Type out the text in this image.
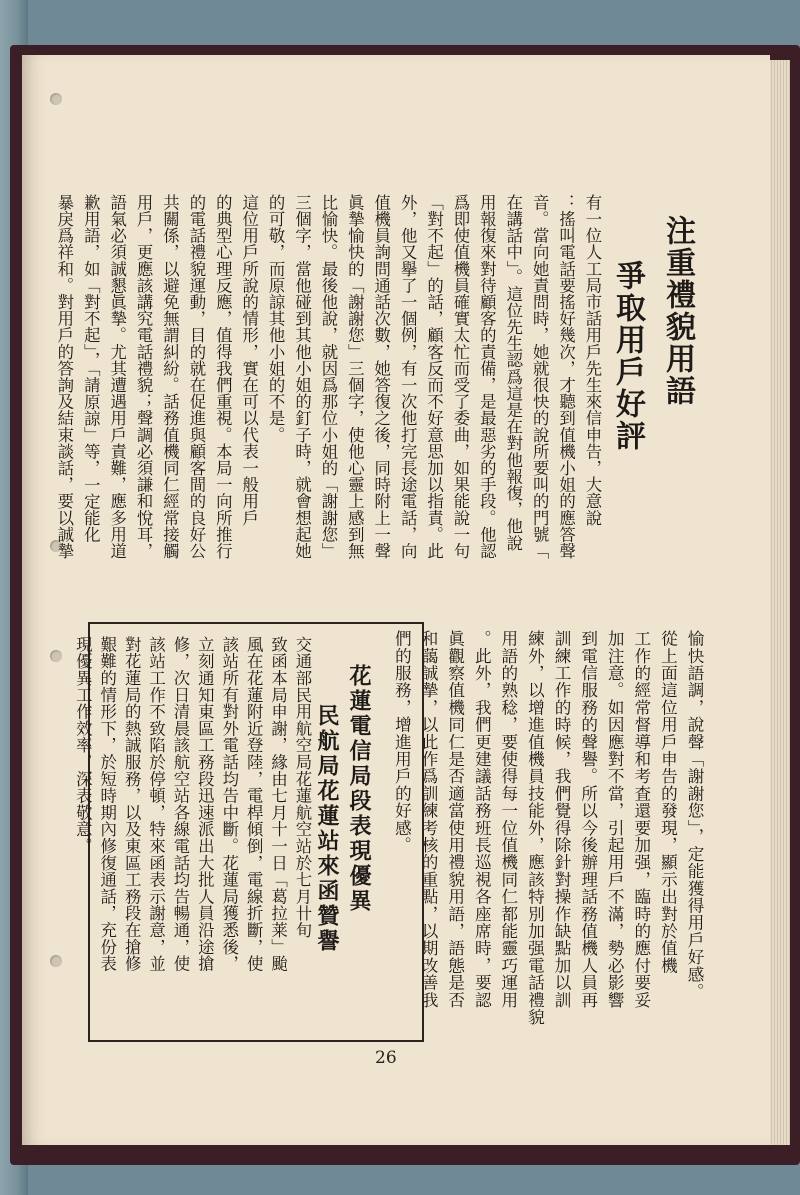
注重禮貌用語
爭取用戶好評
有一位人工局市話用戶先生來信申告，大意說
：搖叫電話要搖好幾次，才聽到值機小姐的應答聲
音。當向她責問時，她就很快的說所要叫的門號「
在講話中」。這位先生認爲這是在對他報復，他說
用報復來對待顧客的責備，是最惡劣的手段。他認
爲即使值機員確實太忙而受了委曲，如果能說一句
「對不起」的話，顧客反而不好意思加以指責。此
外，他又擧了一個例，有一次他打完長途電話，向
值機員詢問通話次數，她答復之後，同時附上一聲
眞摯愉快的「謝謝您」三個字，使他心靈上感到無
比愉快。最後他說，就因爲那位小姐的「謝謝您」
三個字，當他碰到其他小姐的釘子時，就會想起她
的可敬，而原諒其他小姐的不是。
這位用戶所說的情形，實在可以代表一般用戶
的典型心理反應，值得我們重視。本局一向所推行
的電話禮貌運動，目的就在促進與顧客間的良好公
共關係，以避免無謂糾紛。話務值機同仁經常接觸
用戶，更應該講究電話禮貌；聲調必須謙和悅耳，
語氣必須誠懇眞摯。尤其遭遇用戶責難，應多用道
歉用語，如「對不起」，「請原諒」等，一定能化
暴戾爲祥和。對用戶的答詢及結束談話，要以誠摯
愉快語調，說聲「謝謝您」，定能獲得用戶好感。
從上面這位用戶申告的發現，顯示出對於值機
工作的經常督導和考査還要加强，臨時的應付要妥
加注意。如因應對不當，引起用戶不滿，勢必影響
到電信服務的聲譽。所以今後辦理話務值機人員再
訓練工作的時候，我們覺得除針對操作缺點加以訓
練外，以增進值機員技能外，應該特別加强電話禮貌
用語的熟稔，要使得每一位值機同仁都能靈巧運用
。此外，我們更建議話務班長巡視各座席時，要認
眞觀察值機同仁是否適當使用禮貌用語，語態是否
和藹誠摯，以此作爲訓練考核的重點，以期改善我
們的服務，增進用戶的好感。
花蓮電信局段表現優異
民航局花蓮站來函贊譽
交通部民用航空局花蓮航空站於七月卄旬
致函本局申謝，緣由七月十一日「葛拉莱」颱
風在花蓮附近登陸，電桿傾倒，電線折斷，使
該站所有對外電話均告中斷。花蓮局獲悉後，
立刻通知東區工務段迅速派出大批人員沿途搶
修，次日清晨該航空站各線電話均告暢通，使
該站工作不致陷於停頓，特來函表示謝意，並
對花蓮局的熱誠服務，以及東區工務段在搶修
艱難的情形下，於短時期內修復通話，充份表
現優異工作效率，深表敬意。
26
